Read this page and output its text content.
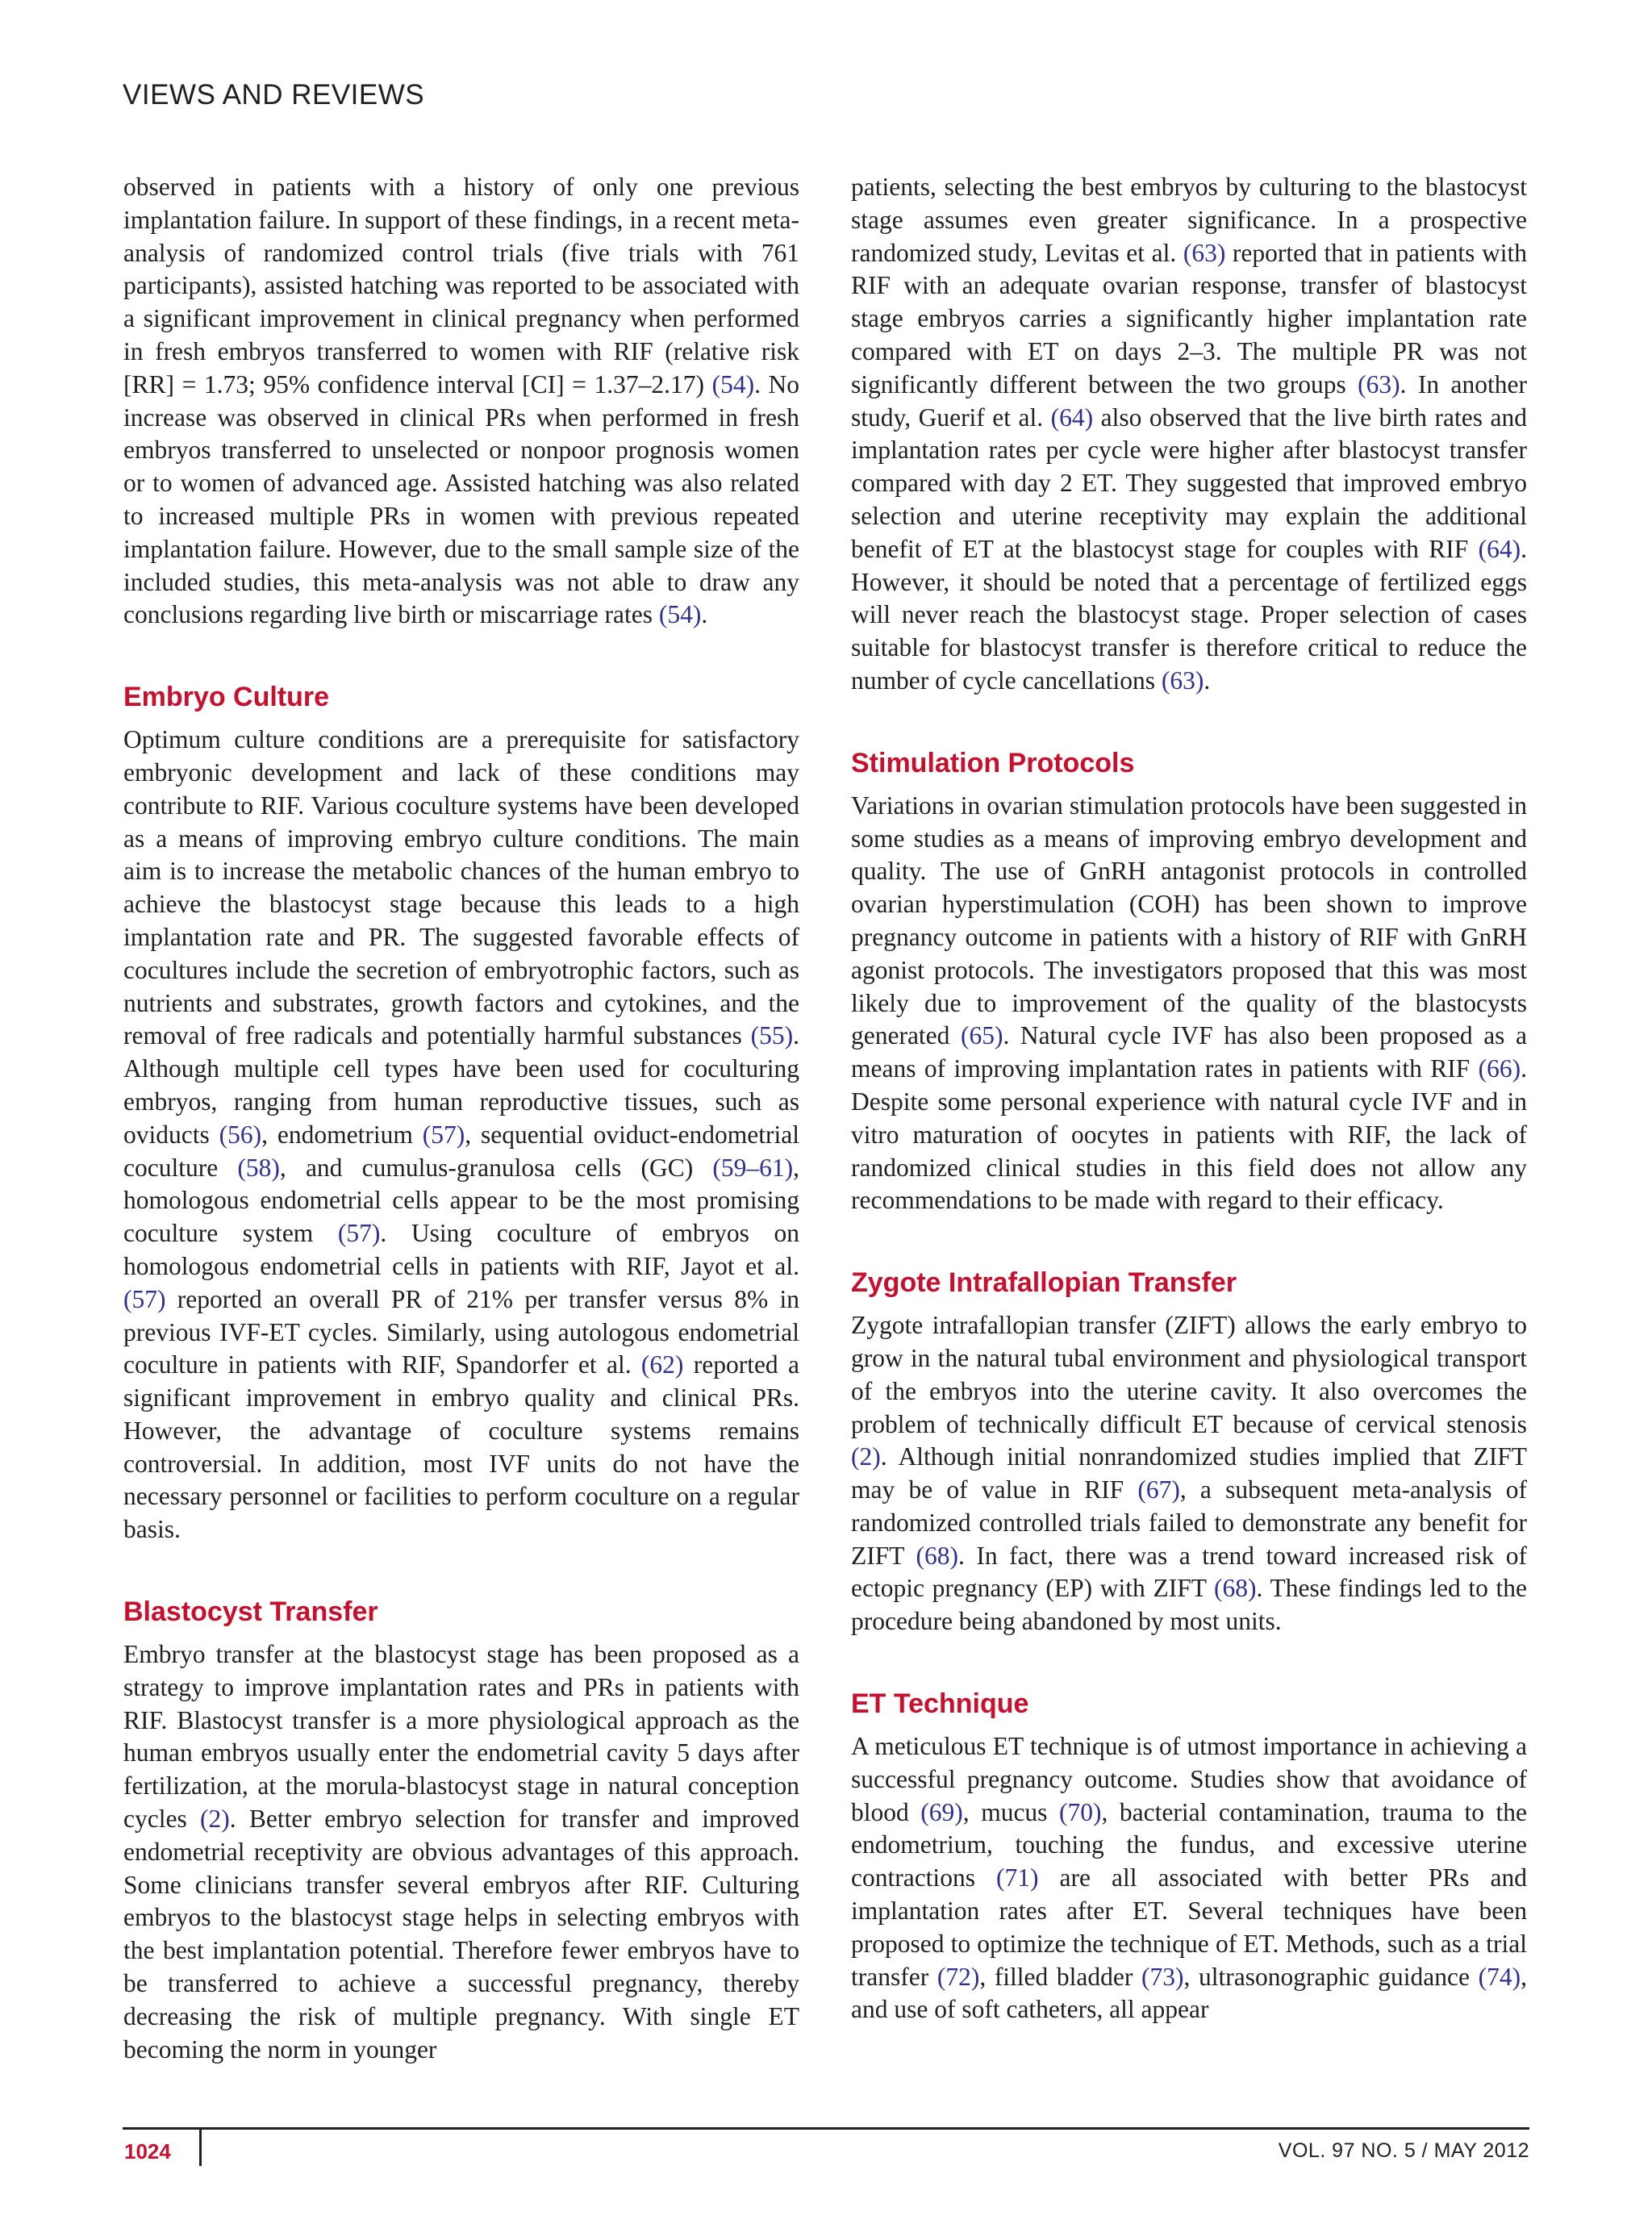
VIEWS AND REVIEWS

observed in patients with a history of only one previous implantation failure. In support of these findings, in a recent meta-analysis of randomized control trials (five trials with 761 participants), assisted hatching was reported to be associated with a significant improvement in clinical pregnancy when performed in fresh embryos transferred to women with RIF (relative risk [RR] = 1.73; 95% confidence interval [CI] = 1.37–2.17) (54). No increase was observed in clinical PRs when performed in fresh embryos transferred to unselected or nonpoor prognosis women or to women of advanced age. Assisted hatching was also related to increased multiple PRs in women with previous repeated implantation failure. However, due to the small sample size of the included studies, this meta-analysis was not able to draw any conclusions regarding live birth or miscarriage rates (54).

Embryo Culture

Optimum culture conditions are a prerequisite for satisfactory embryonic development and lack of these conditions may contribute to RIF. Various coculture systems have been developed as a means of improving embryo culture conditions. The main aim is to increase the metabolic chances of the human embryo to achieve the blastocyst stage because this leads to a high implantation rate and PR. The suggested favorable effects of cocultures include the secretion of embryotrophic factors, such as nutrients and substrates, growth factors and cytokines, and the removal of free radicals and potentially harmful substances (55). Although multiple cell types have been used for coculturing embryos, ranging from human reproductive tissues, such as oviducts (56), endometrium (57), sequential oviduct-endometrial coculture (58), and cumulus-granulosa cells (GC) (59–61), homologous endometrial cells appear to be the most promising coculture system (57). Using coculture of embryos on homologous endometrial cells in patients with RIF, Jayot et al. (57) reported an overall PR of 21% per transfer versus 8% in previous IVF-ET cycles. Similarly, using autologous endometrial coculture in patients with RIF, Spandorfer et al. (62) reported a significant improvement in embryo quality and clinical PRs. However, the advantage of coculture systems remains controversial. In addition, most IVF units do not have the necessary personnel or facilities to perform coculture on a regular basis.

Blastocyst Transfer

Embryo transfer at the blastocyst stage has been proposed as a strategy to improve implantation rates and PRs in patients with RIF. Blastocyst transfer is a more physiological approach as the human embryos usually enter the endometrial cavity 5 days after fertilization, at the morula-blastocyst stage in natural conception cycles (2). Better embryo selection for transfer and improved endometrial receptivity are obvious advantages of this approach. Some clinicians transfer several embryos after RIF. Culturing embryos to the blastocyst stage helps in selecting embryos with the best implantation potential. Therefore fewer embryos have to be transferred to achieve a successful pregnancy, thereby decreasing the risk of multiple pregnancy. With single ET becoming the norm in younger

patients, selecting the best embryos by culturing to the blastocyst stage assumes even greater significance. In a prospective randomized study, Levitas et al. (63) reported that in patients with RIF with an adequate ovarian response, transfer of blastocyst stage embryos carries a significantly higher implantation rate compared with ET on days 2–3. The multiple PR was not significantly different between the two groups (63). In another study, Guerif et al. (64) also observed that the live birth rates and implantation rates per cycle were higher after blastocyst transfer compared with day 2 ET. They suggested that improved embryo selection and uterine receptivity may explain the additional benefit of ET at the blastocyst stage for couples with RIF (64). However, it should be noted that a percentage of fertilized eggs will never reach the blastocyst stage. Proper selection of cases suitable for blastocyst transfer is therefore critical to reduce the number of cycle cancellations (63).

Stimulation Protocols

Variations in ovarian stimulation protocols have been suggested in some studies as a means of improving embryo development and quality. The use of GnRH antagonist protocols in controlled ovarian hyperstimulation (COH) has been shown to improve pregnancy outcome in patients with a history of RIF with GnRH agonist protocols. The investigators proposed that this was most likely due to improvement of the quality of the blastocysts generated (65). Natural cycle IVF has also been proposed as a means of improving implantation rates in patients with RIF (66). Despite some personal experience with natural cycle IVF and in vitro maturation of oocytes in patients with RIF, the lack of randomized clinical studies in this field does not allow any recommendations to be made with regard to their efficacy.

Zygote Intrafallopian Transfer

Zygote intrafallopian transfer (ZIFT) allows the early embryo to grow in the natural tubal environment and physiological transport of the embryos into the uterine cavity. It also overcomes the problem of technically difficult ET because of cervical stenosis (2). Although initial nonrandomized studies implied that ZIFT may be of value in RIF (67), a subsequent meta-analysis of randomized controlled trials failed to demonstrate any benefit for ZIFT (68). In fact, there was a trend toward increased risk of ectopic pregnancy (EP) with ZIFT (68). These findings led to the procedure being abandoned by most units.

ET Technique

A meticulous ET technique is of utmost importance in achieving a successful pregnancy outcome. Studies show that avoidance of blood (69), mucus (70), bacterial contamination, trauma to the endometrium, touching the fundus, and excessive uterine contractions (71) are all associated with better PRs and implantation rates after ET. Several techniques have been proposed to optimize the technique of ET. Methods, such as a trial transfer (72), filled bladder (73), ultrasonographic guidance (74), and use of soft catheters, all appear

1024	VOL. 97 NO. 5 / MAY 2012
